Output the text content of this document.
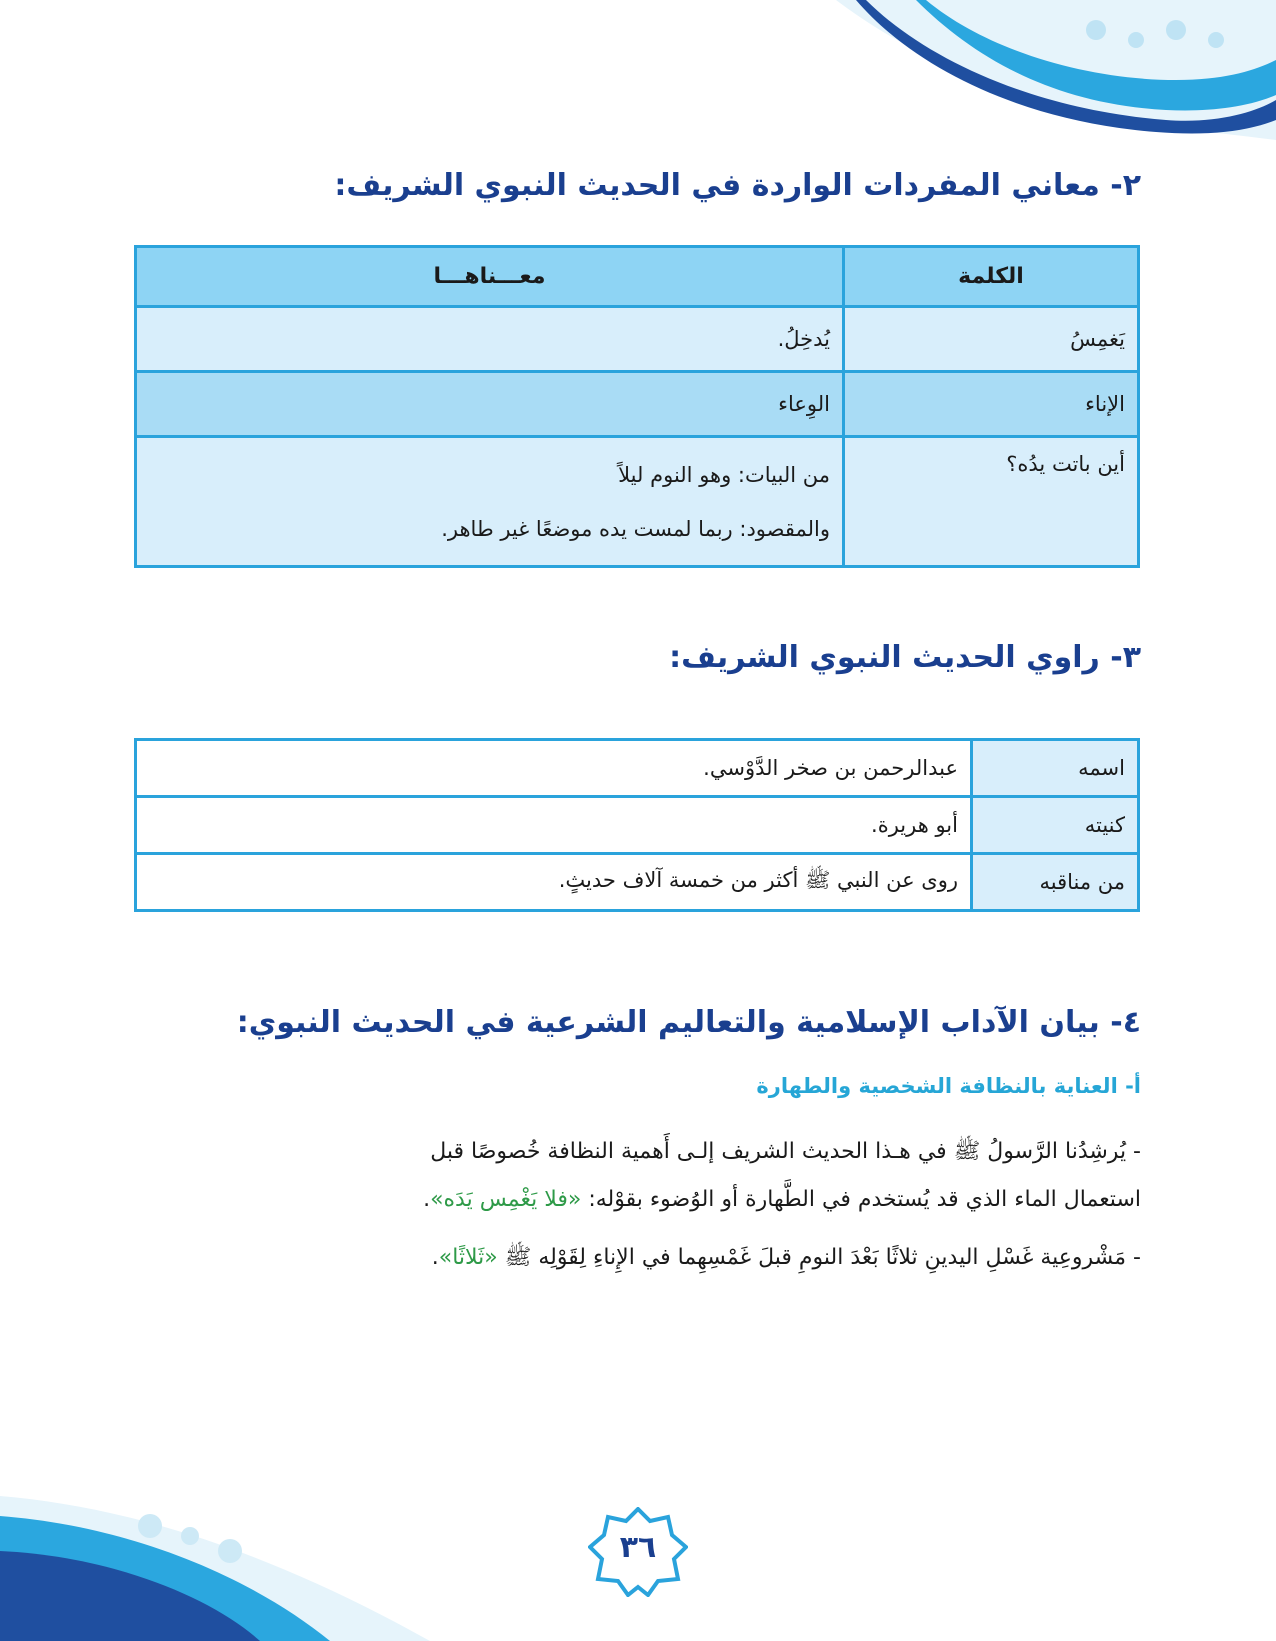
٢- معاني المفردات الواردة في الحديث النبوي الشريف:
الكلمة	معـــناهـــا
يَغمِسُ	يُدخِلُ.
الإناء	الوِعاء
أين باتت يدُه؟	من البيات: وهو النوم ليلاً
والمقصود: ربما لمست يده موضعًا غير طاهر.
٣- راوي الحديث النبوي الشريف:
اسمه	عبدالرحمن بن صخر الدَّوْسي.
كنيته	أبو هريرة.
من مناقبه	روى عن النبي ﷺ أكثر من خمسة آلاف حديثٍ.
٤- بيان الآداب الإسلامية والتعاليم الشرعية في الحديث النبوي:
أ- العناية بالنظافة الشخصية والطهارة

- يُرشِدُنا الرَّسولُ ﷺ في هـذا الحديث الشريف إلـى أَهمية النظافة خُصوصًا قبل

استعمال الماء الذي قد يُستخدم في الطَّهارة أو الوُضوء بقوْله: «فلا يَغْمِس يَدَه».

- مَشْروعِية غَسْلِ اليدينِ ثلاثًا بَعْدَ النومِ قبلَ غَمْسِهِما في الإِناءِ لِقَوْلِه ﷺ «ثَلاثًا».

٣٦
